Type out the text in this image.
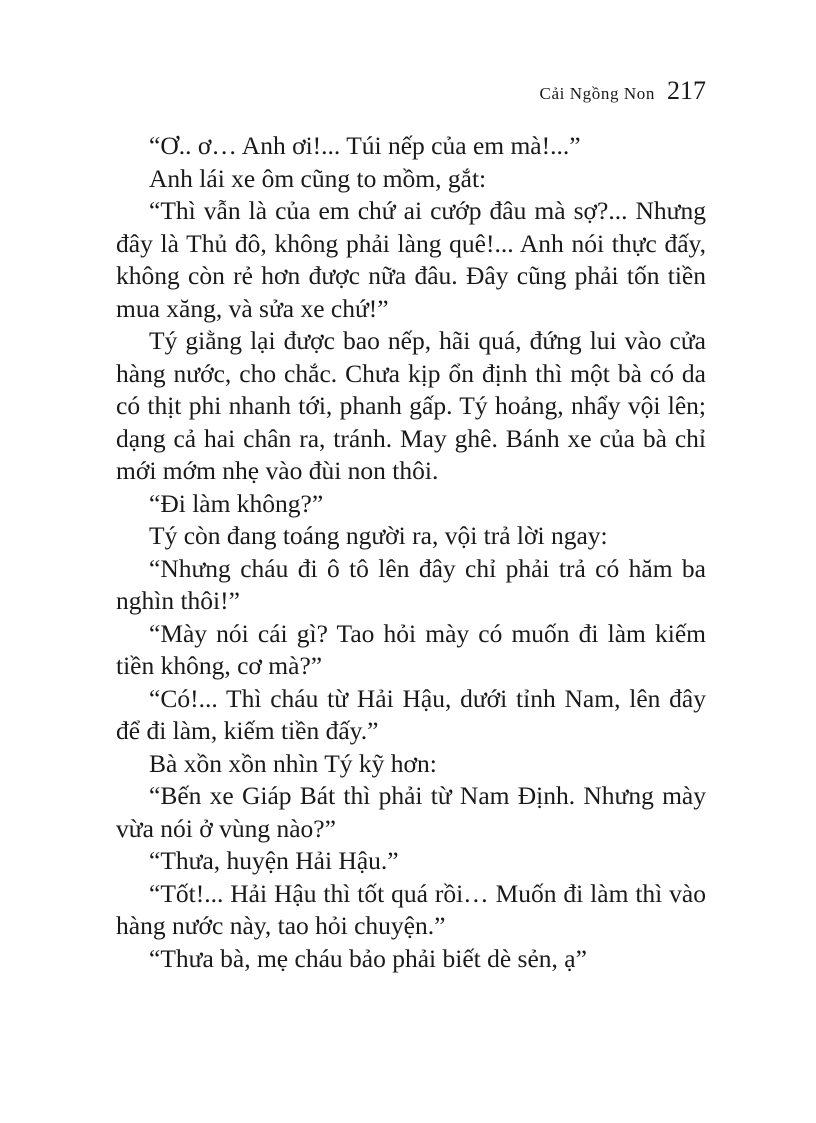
Cải Ngồng Non 217

“Ơ.. ơ… Anh ơi!... Túi nếp của em mà!...”

Anh lái xe ôm cũng to mồm, gắt:

“Thì vẫn là của em chứ ai cướp đâu mà sợ?... Nhưng đây là Thủ đô, không phải làng quê!... Anh nói thực đấy, không còn rẻ hơn được nữa đâu. Đây cũng phải tốn tiền mua xăng, và sửa xe chứ!”

Tý giằng lại được bao nếp, hãi quá, đứng lui vào cửa hàng nước, cho chắc. Chưa kịp ổn định thì một bà có da có thịt phi nhanh tới, phanh gấp. Tý hoảng, nhẩy vội lên; dạng cả hai chân ra, tránh. May ghê. Bánh xe của bà chỉ mới mớm nhẹ vào đùi non thôi.

“Đi làm không?”

Tý còn đang toáng người ra, vội trả lời ngay:

“Nhưng cháu đi ô tô lên đây chỉ phải trả có hăm ba nghìn thôi!”

“Mày nói cái gì? Tao hỏi mày có muốn đi làm kiếm tiền không, cơ mà?”

“Có!... Thì cháu từ Hải Hậu, dưới tỉnh Nam, lên đây để đi làm, kiếm tiền đấy.”

Bà xồn xồn nhìn Tý kỹ hơn:

“Bến xe Giáp Bát thì phải từ Nam Định. Nhưng mày vừa nói ở vùng nào?”

“Thưa, huyện Hải Hậu.”

“Tốt!... Hải Hậu thì tốt quá rồi… Muốn đi làm thì vào hàng nước này, tao hỏi chuyện.”

“Thưa bà, mẹ cháu bảo phải biết dè sẻn, ạ”
